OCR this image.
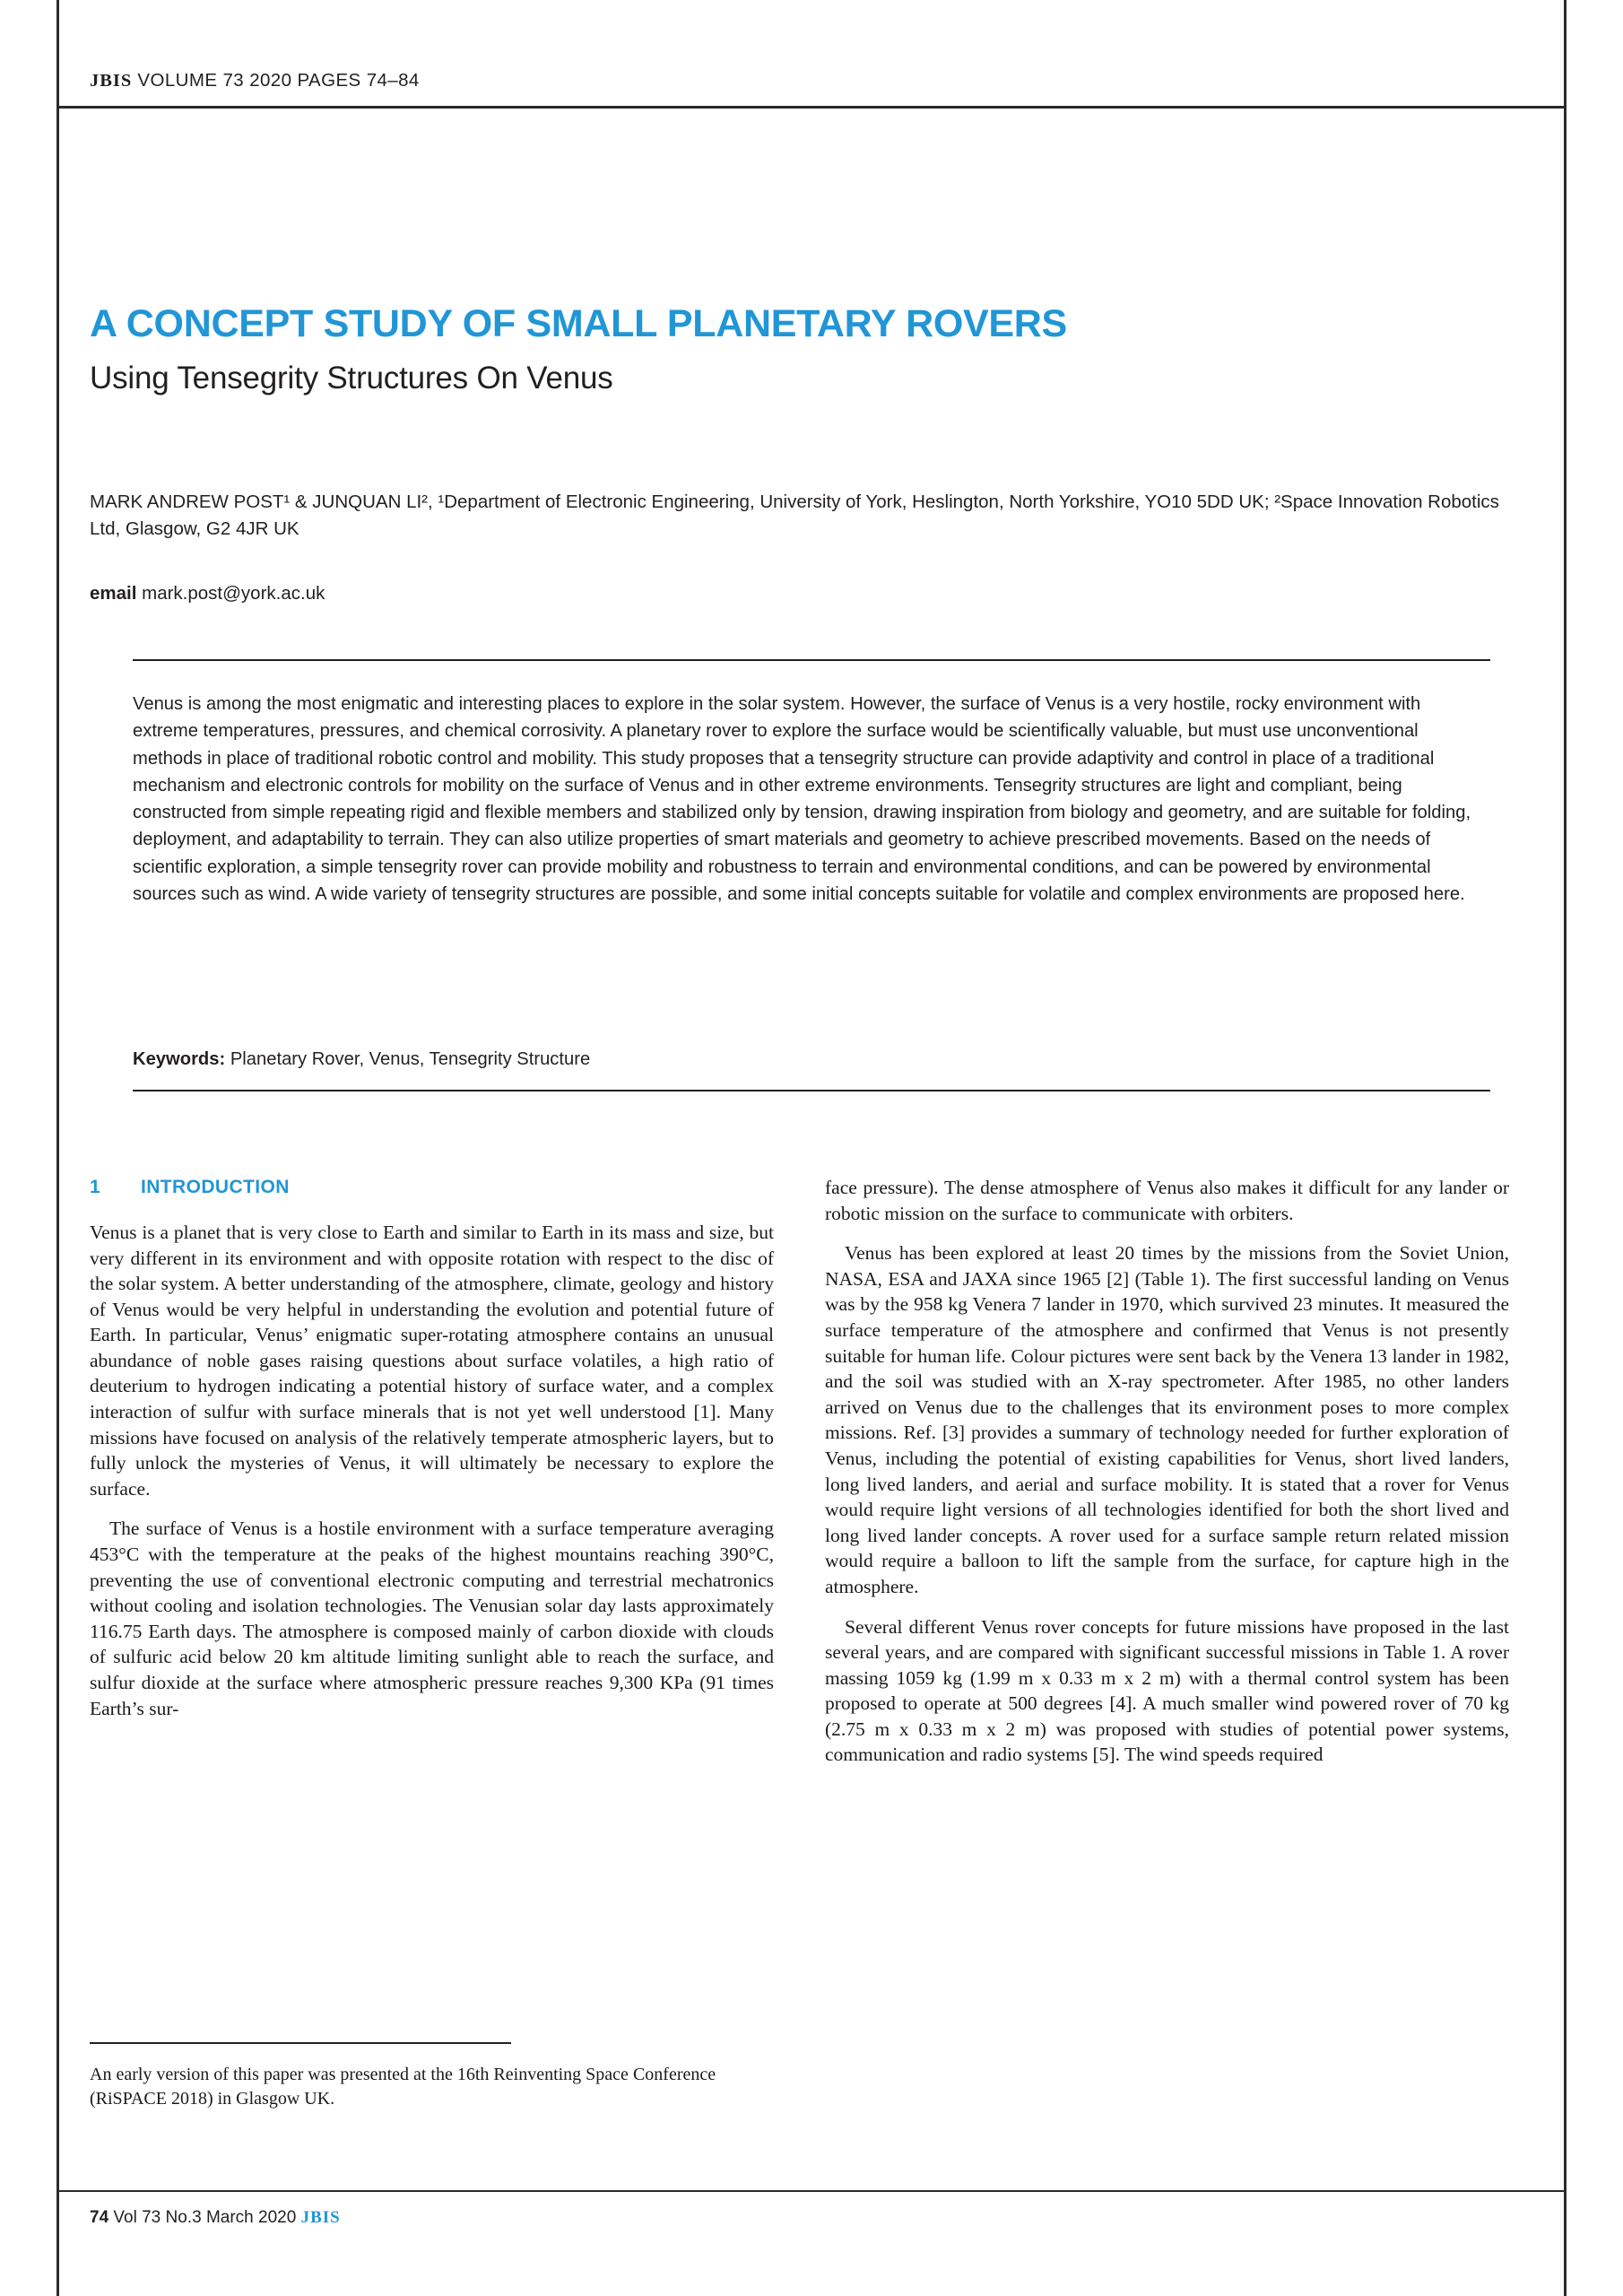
JBIS VOLUME 73 2020 PAGES 74–84
A CONCEPT STUDY OF SMALL PLANETARY ROVERS
Using Tensegrity Structures On Venus
MARK ANDREW POST¹ & JUNQUAN LI², ¹Department of Electronic Engineering, University of York, Heslington, North Yorkshire, YO10 5DD UK; ²Space Innovation Robotics Ltd, Glasgow, G2 4JR UK
email mark.post@york.ac.uk
Venus is among the most enigmatic and interesting places to explore in the solar system. However, the surface of Venus is a very hostile, rocky environment with extreme temperatures, pressures, and chemical corrosivity. A planetary rover to explore the surface would be scientifically valuable, but must use unconventional methods in place of traditional robotic control and mobility. This study proposes that a tensegrity structure can provide adaptivity and control in place of a traditional mechanism and electronic controls for mobility on the surface of Venus and in other extreme environments. Tensegrity structures are light and compliant, being constructed from simple repeating rigid and flexible members and stabilized only by tension, drawing inspiration from biology and geometry, and are suitable for folding, deployment, and adaptability to terrain. They can also utilize properties of smart materials and geometry to achieve prescribed movements. Based on the needs of scientific exploration, a simple tensegrity rover can provide mobility and robustness to terrain and environmental conditions, and can be powered by environmental sources such as wind. A wide variety of tensegrity structures are possible, and some initial concepts suitable for volatile and complex environments are proposed here.
Keywords: Planetary Rover, Venus, Tensegrity Structure
1	INTRODUCTION

Venus is a planet that is very close to Earth and similar to Earth in its mass and size, but very different in its environment and with opposite rotation with respect to the disc of the solar system. A better understanding of the atmosphere, climate, geology and history of Venus would be very helpful in understanding the evolution and potential future of Earth. In particular, Venus’ enigmatic super-rotating atmosphere contains an unusual abundance of noble gases raising questions about surface volatiles, a high ratio of deuterium to hydrogen indicating a potential history of surface water, and a complex interaction of sulfur with surface minerals that is not yet well understood [1]. Many missions have focused on analysis of the relatively temperate atmospheric layers, but to fully unlock the mysteries of Venus, it will ultimately be necessary to explore the surface.

The surface of Venus is a hostile environment with a surface temperature averaging 453°C with the temperature at the peaks of the highest mountains reaching 390°C, preventing the use of conventional electronic computing and terrestrial mechatronics without cooling and isolation technologies. The Venusian solar day lasts approximately 116.75 Earth days. The atmosphere is composed mainly of carbon dioxide with clouds of sulfuric acid below 20 km altitude limiting sunlight able to reach the surface, and sulfur dioxide at the surface where atmospheric pressure reaches 9,300 KPa (91 times Earth’s sur-

face pressure). The dense atmosphere of Venus also makes it difficult for any lander or robotic mission on the surface to communicate with orbiters.

Venus has been explored at least 20 times by the missions from the Soviet Union, NASA, ESA and JAXA since 1965 [2] (Table 1). The first successful landing on Venus was by the 958 kg Venera 7 lander in 1970, which survived 23 minutes. It measured the surface temperature of the atmosphere and confirmed that Venus is not presently suitable for human life. Colour pictures were sent back by the Venera 13 lander in 1982, and the soil was studied with an X-ray spectrometer. After 1985, no other landers arrived on Venus due to the challenges that its environment poses to more complex missions. Ref. [3] provides a summary of technology needed for further exploration of Venus, including the potential of existing capabilities for Venus, short lived landers, long lived landers, and aerial and surface mobility. It is stated that a rover for Venus would require light versions of all technologies identified for both the short lived and long lived lander concepts. A rover used for a surface sample return related mission would require a balloon to lift the sample from the surface, for capture high in the atmosphere.

Several different Venus rover concepts for future missions have proposed in the last several years, and are compared with significant successful missions in Table 1. A rover massing 1059 kg (1.99 m x 0.33 m x 2 m) with a thermal control system has been proposed to operate at 500 degrees [4]. A much smaller wind powered rover of 70 kg (2.75 m x 0.33 m x 2 m) was proposed with studies of potential power systems, communication and radio systems [5]. The wind speeds required

An early version of this paper was presented at the 16th Reinventing Space Conference (RiSPACE 2018) in Glasgow UK.
74 Vol 73 No.3 March 2020 JBIS
